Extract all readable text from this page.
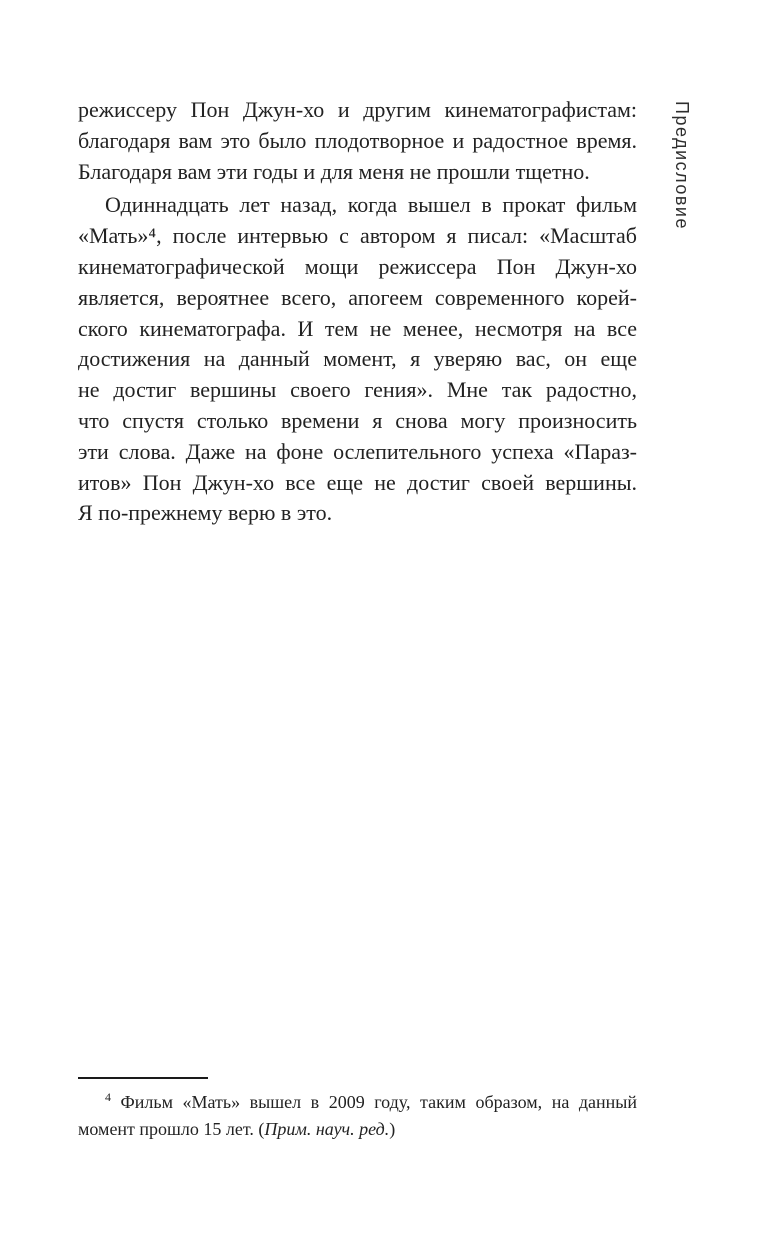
Предисловие
режиссеру Пон Джун-хо и другим кинематографистам:
благодаря вам это было плодотворное и радостное время.
Благодаря вам эти годы и для меня не прошли тщетно.
Одиннадцать лет назад, когда вышел в прокат фильм
«Мать»⁴, после интервью с автором я писал: «Масштаб
кинематографической мощи режиссера Пон Джун-хо
является, вероятнее всего, апогеем современного корей-
ского кинематографа. И тем не менее, несмотря на все
достижения на данный момент, я уверяю вас, он еще
не достиг вершины своего гения». Мне так радостно,
что спустя столько времени я снова могу произносить
эти слова. Даже на фоне ослепительного успеха «Параз-
итов» Пон Джун-хо все еще не достиг своей вершины.
Я по-прежнему верю в это.
$^4$ Фильм «Мать» вышел в 2009 году, таким образом, на данный
момент прошло 15 лет. (Прим. науч. ред.)
